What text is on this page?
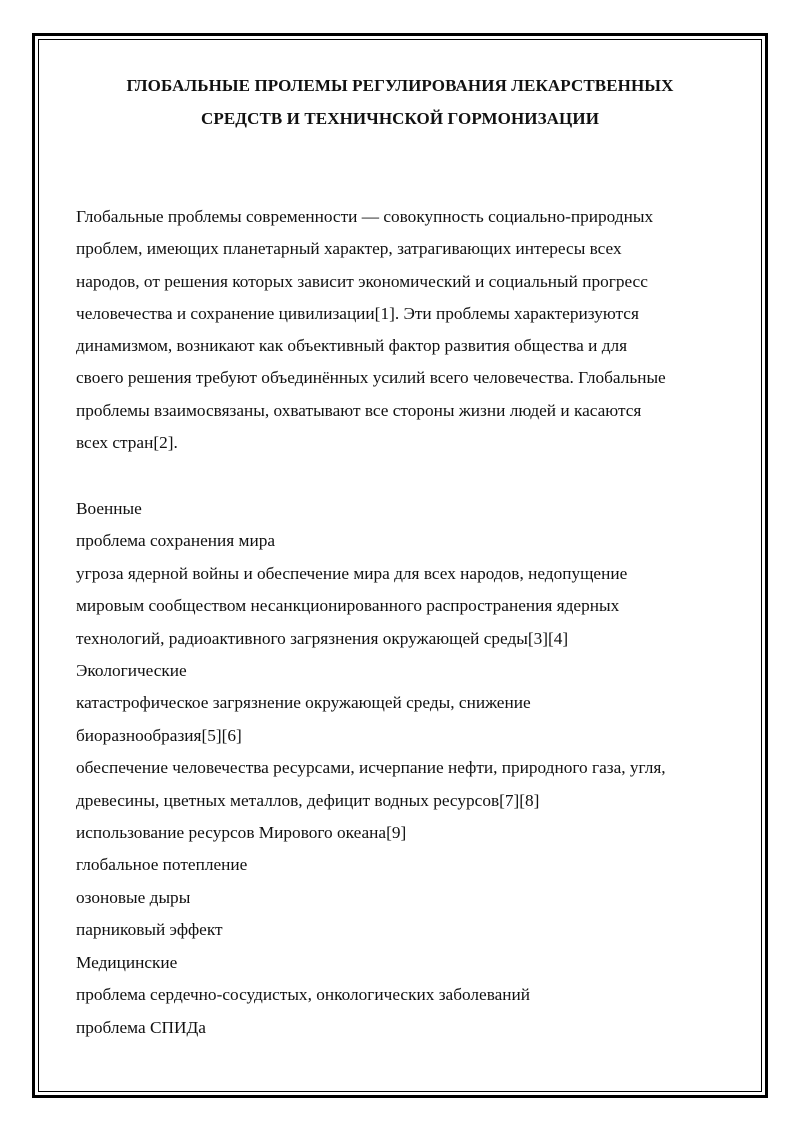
ГЛОБАЛЬНЫЕ ПРОЛЕМЫ РЕГУЛИРОВАНИЯ ЛЕКАРСТВЕННЫХ
СРЕДСТВ И ТЕХНИЧНСКОЙ ГОРМОНИЗАЦИИ
Глобальные проблемы современности — совокупность социально-природных
проблем, имеющих планетарный характер, затрагивающих интересы всех
народов, от решения которых зависит экономический и социальный прогресс
человечества и сохранение цивилизации[1]. Эти проблемы характеризуются
динамизмом, возникают как объективный фактор развития общества и для
своего решения требуют объединённых усилий всего человечества. Глобальные
проблемы взаимосвязаны, охватывают все стороны жизни людей и касаются
всех стран[2].
Военные
проблема сохранения мира
угроза ядерной войны и обеспечение мира для всех народов, недопущение
мировым сообществом несанкционированного распространения ядерных
технологий, радиоактивного загрязнения окружающей среды[3][4]
Экологические
катастрофическое загрязнение окружающей среды, снижение
биоразнообразия[5][6]
обеспечение человечества ресурсами, исчерпание нефти, природного газа, угля,
древесины, цветных металлов, дефицит водных ресурсов[7][8]
использование ресурсов Мирового океана[9]
глобальное потепление
озоновые дыры
парниковый эффект
Медицинские
проблема сердечно-сосудистых, онкологических заболеваний
проблема СПИДа
